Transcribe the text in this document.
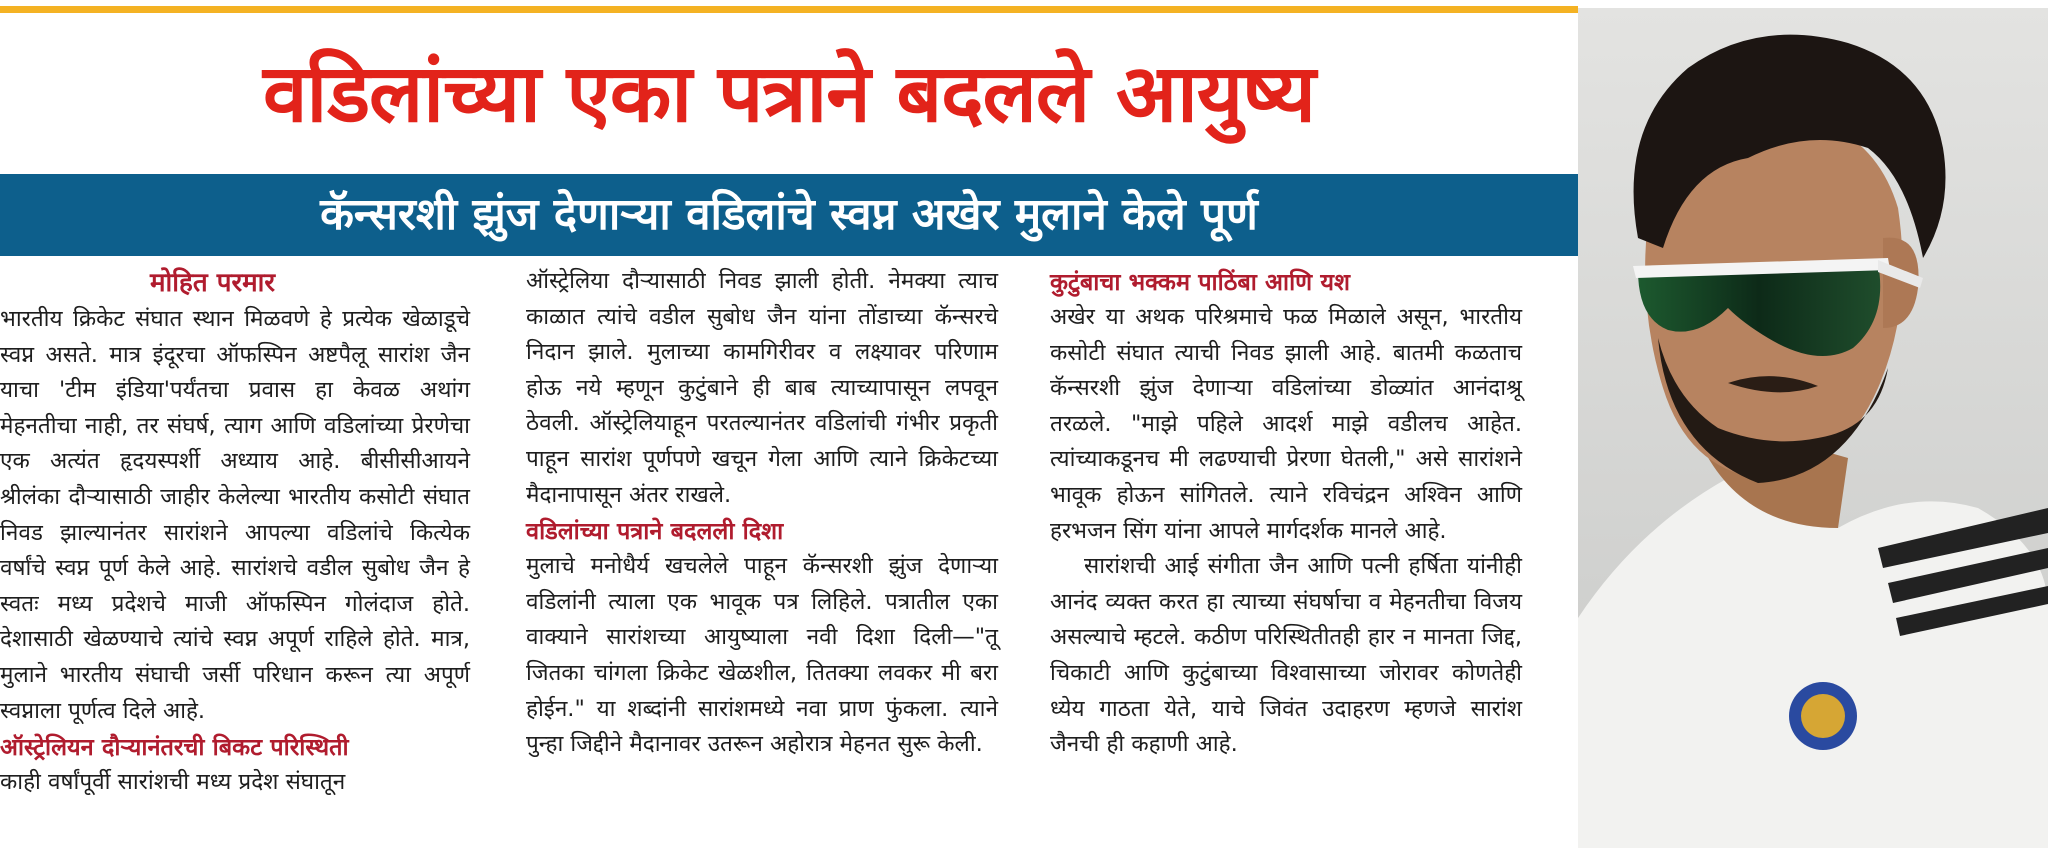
वडिलांच्या एका पत्राने बदलले आयुष्य
कॅन्सरशी झुंज देणाऱ्या वडिलांचे स्वप्न अखेर मुलाने केले पूर्ण

मोहित परमार

भारतीय क्रिकेट संघात स्थान मिळवणे हे प्रत्येक खेळाडूचे स्वप्न असते. मात्र इंदूरचा ऑफस्पिन अष्टपैलू सारांश जैन याचा 'टीम इंडिया'पर्यंतचा प्रवास हा केवळ अथांग मेहनतीचा नाही, तर संघर्ष, त्याग आणि वडिलांच्या प्रेरणेचा एक अत्यंत हृदयस्पर्शी अध्याय आहे. बीसीसीआयने श्रीलंका दौऱ्यासाठी जाहीर केलेल्या भारतीय कसोटी संघात निवड झाल्यानंतर सारांशने आपल्या वडिलांचे कित्येक वर्षांचे स्वप्न पूर्ण केले आहे. सारांशचे वडील सुबोध जैन हे स्वतः मध्य प्रदेशचे माजी ऑफस्पिन गोलंदाज होते. देशासाठी खेळण्याचे त्यांचे स्वप्न अपूर्ण राहिले होते. मात्र, मुलाने भारतीय संघाची जर्सी परिधान करून त्या अपूर्ण स्वप्नाला पूर्णत्व दिले आहे.

ऑस्ट्रेलियन दौऱ्यानंतरची बिकट परिस्थिती

काही वर्षांपूर्वी सारांशची मध्य प्रदेश संघातून

ऑस्ट्रेलिया दौऱ्यासाठी निवड झाली होती. नेमक्या त्याच काळात त्यांचे वडील सुबोध जैन यांना तोंडाच्या कॅन्सरचे निदान झाले. मुलाच्या कामगिरीवर व लक्ष्यावर परिणाम होऊ नये म्हणून कुटुंबाने ही बाब त्याच्यापासून लपवून ठेवली. ऑस्ट्रेलियाहून परतल्यानंतर वडिलांची गंभीर प्रकृती पाहून सारांश पूर्णपणे खचून गेला आणि त्याने क्रिकेटच्या मैदानापासून अंतर राखले.

वडिलांच्या पत्राने बदलली दिशा

मुलाचे मनोधैर्य खचलेले पाहून कॅन्सरशी झुंज देणाऱ्या वडिलांनी त्याला एक भावूक पत्र लिहिले. पत्रातील एका वाक्याने सारांशच्या आयुष्याला नवी दिशा दिली—"तू जितका चांगला क्रिकेट खेळशील, तितक्या लवकर मी बरा होईन." या शब्दांनी सारांशमध्ये नवा प्राण फुंकला. त्याने पुन्हा जिद्दीने मैदानावर उतरून अहोरात्र मेहनत सुरू केली.

कुटुंबाचा भक्कम पाठिंबा आणि यश

अखेर या अथक परिश्रमाचे फळ मिळाले असून, भारतीय कसोटी संघात त्याची निवड झाली आहे. बातमी कळताच कॅन्सरशी झुंज देणाऱ्या वडिलांच्या डोळ्यांत आनंदाश्रू तरळले. "माझे पहिले आदर्श माझे वडीलच आहेत. त्यांच्याकडूनच मी लढण्याची प्रेरणा घेतली," असे सारांशने भावूक होऊन सांगितले. त्याने रविचंद्रन अश्विन आणि हरभजन सिंग यांना आपले मार्गदर्शक मानले आहे.

सारांशची आई संगीता जैन आणि पत्नी हर्षिता यांनीही आनंद व्यक्त करत हा त्याच्या संघर्षाचा व मेहनतीचा विजय असल्याचे म्हटले. कठीण परिस्थितीतही हार न मानता जिद्द, चिकाटी आणि कुटुंबाच्या विश्वासाच्या जोरावर कोणतेही ध्येय गाठता येते, याचे जिवंत उदाहरण म्हणजे सारांश जैनची ही कहाणी आहे.
